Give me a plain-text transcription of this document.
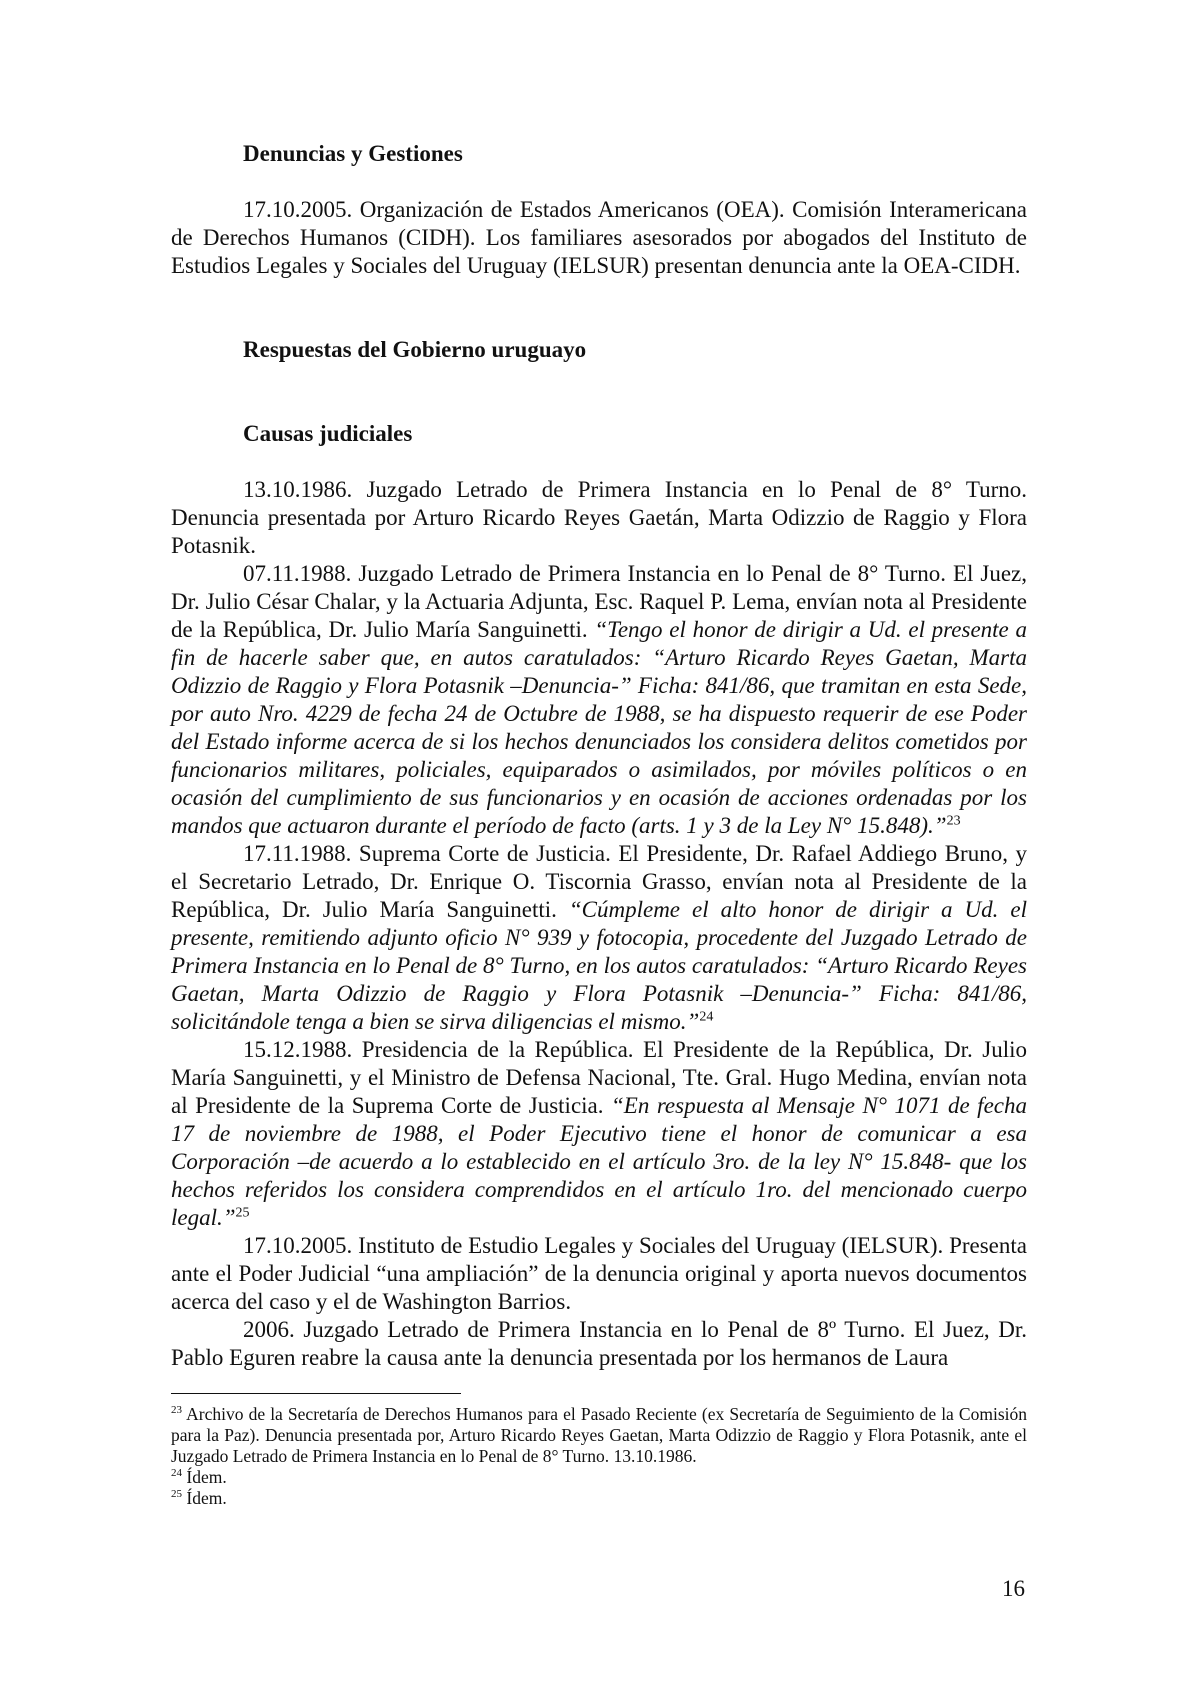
Denuncias y Gestiones

17.10.2005. Organización de Estados Americanos (OEA). Comisión Interamericana de Derechos Humanos (CIDH). Los familiares asesorados por abogados del Instituto de Estudios Legales y Sociales del Uruguay (IELSUR) presentan denuncia ante la OEA-CIDH.

Respuestas del Gobierno uruguayo

Causas judiciales

13.10.1986. Juzgado Letrado de Primera Instancia en lo Penal de 8° Turno. Denuncia presentada por Arturo Ricardo Reyes Gaetán, Marta Odizzio de Raggio y Flora Potasnik.

07.11.1988. Juzgado Letrado de Primera Instancia en lo Penal de 8° Turno. El Juez, Dr. Julio César Chalar, y la Actuaria Adjunta, Esc. Raquel P. Lema, envían nota al Presidente de la República, Dr. Julio María Sanguinetti. “Tengo el honor de dirigir a Ud. el presente a fin de hacerle saber que, en autos caratulados: “Arturo Ricardo Reyes Gaetan, Marta Odizzio de Raggio y Flora Potasnik –Denuncia-” Ficha: 841/86, que tramitan en esta Sede, por auto Nro. 4229 de fecha 24 de Octubre de 1988, se ha dispuesto requerir de ese Poder del Estado informe acerca de si los hechos denunciados los considera delitos cometidos por funcionarios militares, policiales, equiparados o asimilados, por móviles políticos o en ocasión del cumplimiento de sus funcionarios y en ocasión de acciones ordenadas por los mandos que actuaron durante el período de facto (arts. 1 y 3 de la Ley N° 15.848).”$^{23}$

17.11.1988. Suprema Corte de Justicia. El Presidente, Dr. Rafael Addiego Bruno, y el Secretario Letrado, Dr. Enrique O. Tiscornia Grasso, envían nota al Presidente de la República, Dr. Julio María Sanguinetti. “Cúmpleme el alto honor de dirigir a Ud. el presente, remitiendo adjunto oficio N° 939 y fotocopia, procedente del Juzgado Letrado de Primera Instancia en lo Penal de 8° Turno, en los autos caratulados: “Arturo Ricardo Reyes Gaetan, Marta Odizzio de Raggio y Flora Potasnik –Denuncia-” Ficha: 841/86, solicitándole tenga a bien se sirva diligencias el mismo.”$^{24}$

15.12.1988. Presidencia de la República. El Presidente de la República, Dr. Julio María Sanguinetti, y el Ministro de Defensa Nacional, Tte. Gral. Hugo Medina, envían nota al Presidente de la Suprema Corte de Justicia. “En respuesta al Mensaje N° 1071 de fecha 17 de noviembre de 1988, el Poder Ejecutivo tiene el honor de comunicar a esa Corporación –de acuerdo a lo establecido en el artículo 3ro. de la ley N° 15.848- que los hechos referidos los considera comprendidos en el artículo 1ro. del mencionado cuerpo legal.”$^{25}$

17.10.2005. Instituto de Estudio Legales y Sociales del Uruguay (IELSUR). Presenta ante el Poder Judicial “una ampliación” de la denuncia original y aporta nuevos documentos acerca del caso y el de Washington Barrios.

2006. Juzgado Letrado de Primera Instancia en lo Penal de 8º Turno. El Juez, Dr. Pablo Eguren reabre la causa ante la denuncia presentada por los hermanos de Laura

$^{23}$ Archivo de la Secretaría de Derechos Humanos para el Pasado Reciente (ex Secretaría de Seguimiento de la Comisión para la Paz). Denuncia presentada por, Arturo Ricardo Reyes Gaetan, Marta Odizzio de Raggio y Flora Potasnik, ante el Juzgado Letrado de Primera Instancia en lo Penal de 8° Turno. 13.10.1986.

$^{24}$ Ídem.

$^{25}$ Ídem.

16
